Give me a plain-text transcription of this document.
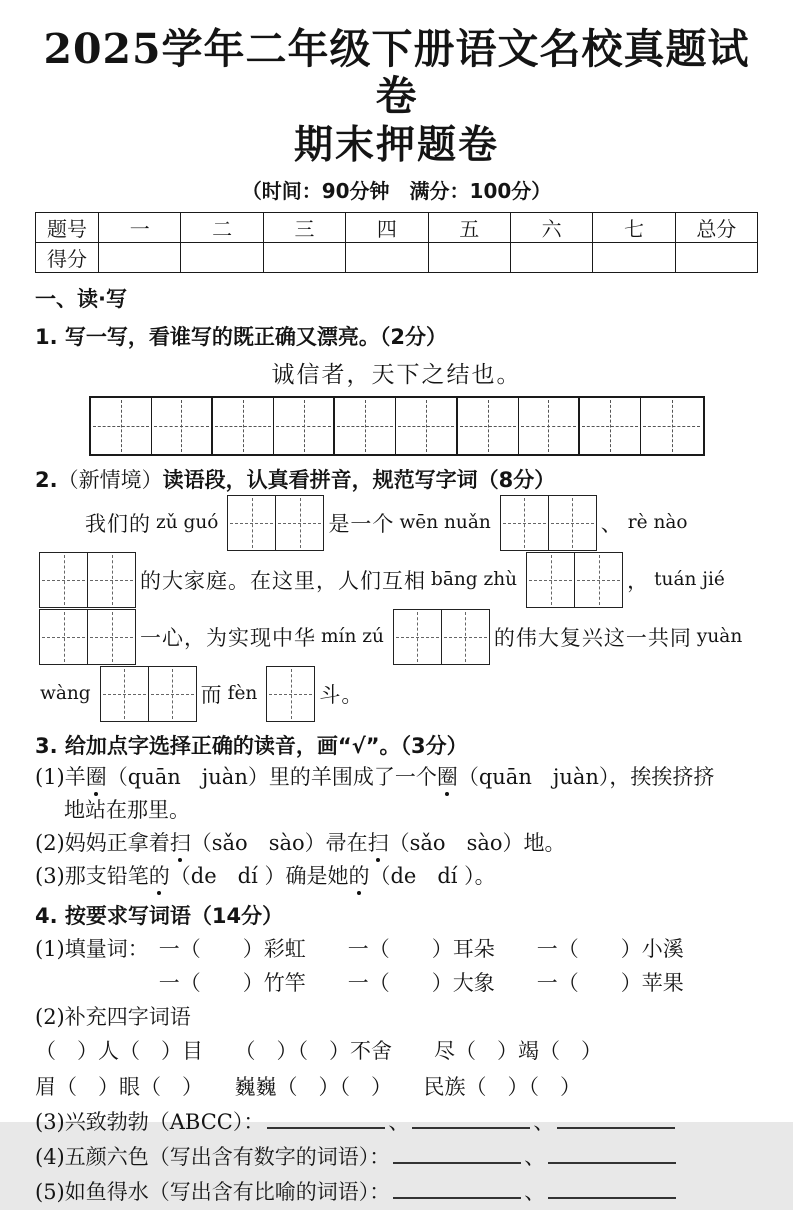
2025学年二年级下册语文名校真题试卷
期末押题卷
（时间：90分钟　满分：100分）
题号	一	二	三	四	五	六	七	总分
得分								
一、读·写
1. 写一写，看谁写的既正确又漂亮。（2分）
诚信者，天下之结也。
2.（新情境）读语段，认真看拼音，规范写字词（8分）
我们的 zǔ guó	是一个 wēn nuǎn	、 rè nào
的大家庭。在这里，人们互相 bāng zhù	， tuán jié
一心，为实现中华 mín zú	的伟大复兴这一共同 yuàn
wàng	而 fèn	斗。
3. 给加点字选择正确的读音，画“√”。（3分）
(1)羊圈（quān　juàn）里的羊围成了一个圈（quān　juàn），挨挨挤挤
地站在那里。
(2)妈妈正拿着扫（sǎo　sào）帚在扫（sǎo　sào）地。
(3)那支铅笔的（de　dí ）确是她的（de　dí ）。
4. 按要求写词语（14分）
(1)填量词： 一（　　）彩虹　　一（　　）耳朵　　一（　　）小溪
一（　　）竹竿　　一（　　）大象　　一（　　）苹果
(2)补充四字词语
（　）人（　）目　　（　）（　）不舍　　尽（　）竭（　）
眉（　）眼（　）　　巍巍（　）（　）　　民族（　）（　）
(3)兴致勃勃（ABCC）：	、	、
(4)五颜六色（写出含有数字的词语）：	、
(5)如鱼得水（写出含有比喻的词语）：	、
